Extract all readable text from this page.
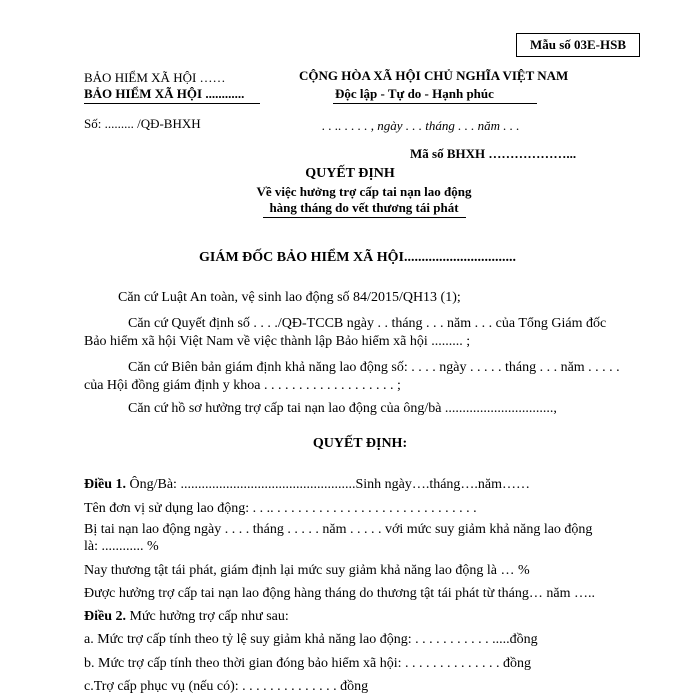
Mẫu số 03E-HSB
BẢO HIỂM XÃ HỘI ……
BẢO HIỂM XÃ HỘI ............
CỘNG HÒA XÃ HỘI CHỦ NGHĨA VIỆT NAM
Độc lập - Tự do - Hạnh phúc
Số: ......... /QĐ-BHXH	. . .. . . . . , ngày . . . tháng . . . năm . . .
Mã số BHXH ………………...
QUYẾT ĐỊNH
Về việc hưởng trợ cấp tai nạn lao động
hàng tháng do vết thương tái phát
GIÁM ĐỐC BẢO HIỂM XÃ HỘI................................
Căn cứ Luật An toàn, vệ sinh lao động số 84/2015/QH13 (1);
Căn cứ Quyết định số . . . ./QĐ-TCCB ngày . . tháng . . . năm . . . của Tổng Giám đốc
Bảo hiểm xã hội Việt Nam về việc thành lập Bảo hiểm xã hội ......... ;
Căn cứ Biên bản giám định khả năng lao động số: . . . . ngày . . . . . tháng . . . năm . . . . .
của Hội đồng giám định y khoa . . . . . . . . . . . . . . . . . . . ;
Căn cứ hồ sơ hưởng trợ cấp tai nạn lao động của ông/bà ...............................,
QUYẾT ĐỊNH:
Điều 1. Ông/Bà: ..................................................Sinh ngày….tháng….năm……
Tên đơn vị sử dụng lao động: . . .. . . . . . . . . . . . . . . . . . . . . . . . . . . . . .
Bị tai nạn lao động ngày . . . . tháng . . . . . năm . . . . . với mức suy giảm khả năng lao động
là: ............ %
Nay thương tật tái phát, giám định lại mức suy giảm khả năng lao động là … %
Được hưởng trợ cấp tai nạn lao động hàng tháng do thương tật tái phát từ tháng… năm …..
Điều 2. Mức hưởng trợ cấp như sau:
a. Mức trợ cấp tính theo tỷ lệ suy giảm khả năng lao động: . . . . . . . . . . . .....đồng
b. Mức trợ cấp tính theo thời gian đóng bảo hiểm xã hội: . . . . . . . . . . . . . . đồng
c.Trợ cấp phục vụ (nếu có): . . . . . . . . . . . . . . đồng
